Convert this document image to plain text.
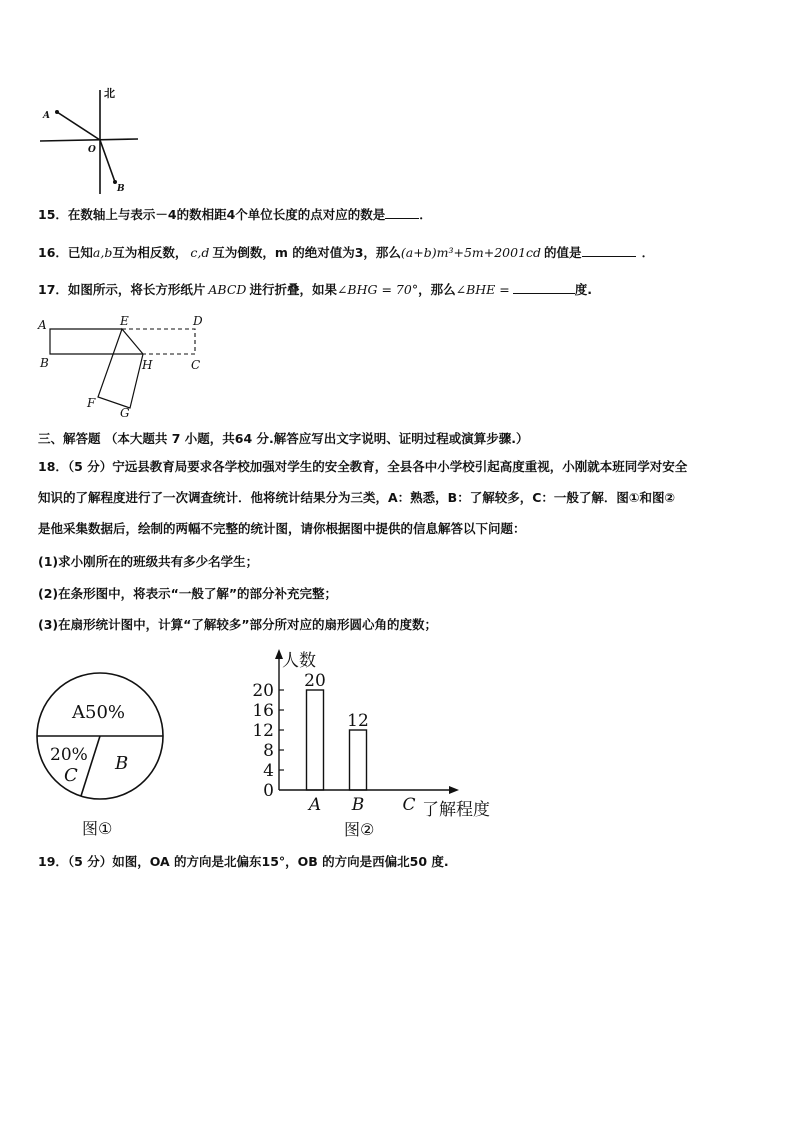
北
A
O
B
15．在数轴上与表示－4的数相距4个单位长度的点对应的数是	．
16．已知a,b互为相反数， c,d 互为倒数，m 的绝对值为3，那么(a+b)m³+5m+2001cd 的值是	．
17．如图所示，将长方形纸片 ABCD 进行折叠，如果∠BHG = 70°，那么∠BHE =	度.
A
B
E	D
H	C
F
G
三、解答题 （本大题共 7 小题，共64 分.解答应写出文字说明、证明过程或演算步骤.）
18．（5 分）宁远县教育局要求各学校加强对学生的安全教育，全县各中小学校引起高度重视，小刚就本班同学对安全
知识的了解程度进行了一次调查统计．他将统计结果分为三类，A：熟悉，B：了解较多，C：一般了解．图①和图②
是他采集数据后，绘制的两幅不完整的统计图，请你根据图中提供的信息解答以下问题：
(1)求小刚所在的班级共有多少名学生；
(2)在条形图中，将表示“一般了解”的部分补充完整；
(3)在扇形统计图中，计算“了解较多”部分所对应的扇形圆心角的度数；
A50%
20%
C
B
图①
人数
了解程度
0
4
8
12
16
20 20
A
12
B C
图②
19．（5 分）如图，OA 的方向是北偏东15°，OB 的方向是西偏北50 度.
